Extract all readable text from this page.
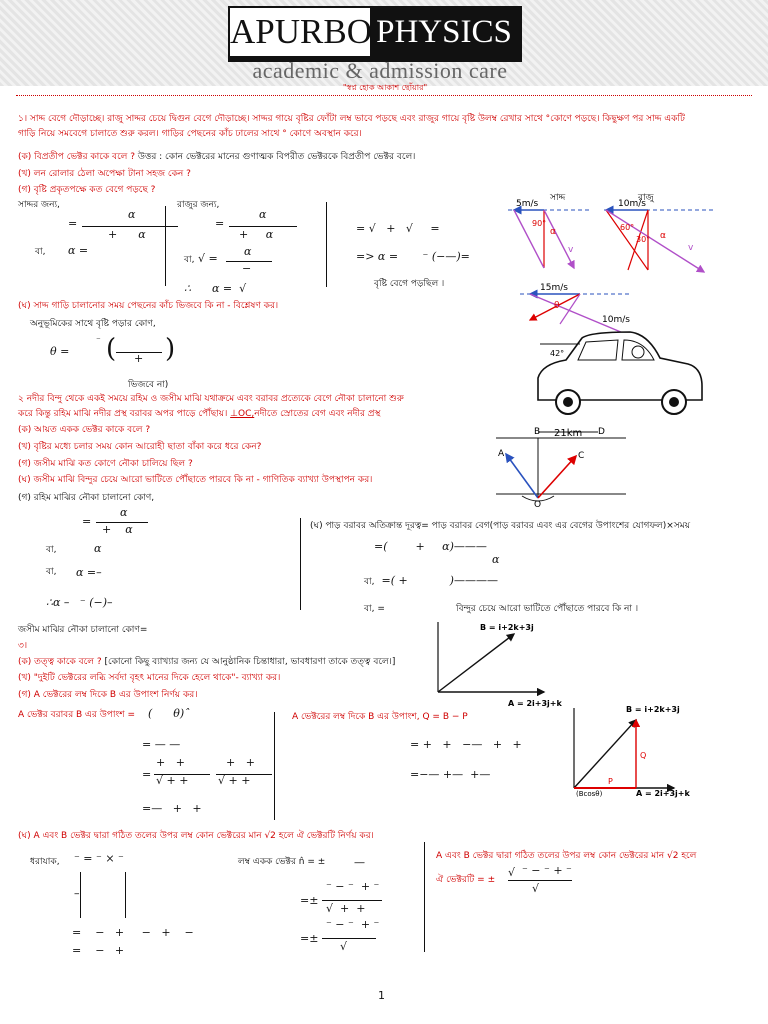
APURBO PHYSICS
academic & admission care
"স্বপ্ন হোক আকাশ ছোঁয়ার"
১। সাদ্দ বেগে দৌড়াচ্ছে। রাজু সাদ্দর চেয়ে দ্বিগুন বেগে দৌড়াচ্ছে। সাদ্দর গায়ে বৃষ্টির ফোঁটা লম্ব ভাবে পড়ছে এবং রাজুর গায়ে বৃষ্টি উলম্ব রেখার সাথে °কোণে পড়ছে। কিছুক্ষণ পর সাদ্দ একটি
গাড়ি নিয়ে সমবেগে চালাতে শুরু করল। গাড়ির পেছনের কাঁচ ঢালের সাথে ° কোণে অবস্থান করে।
(ক) বিপ্রতীপ ভেক্টর কাকে বলে ? উত্তর : কোন ভেক্টরের মানের গুণাত্মক বিপরীত ভেক্টরকে বিপ্রতীপ ভেক্টর বলে।
(খ) লন রোলার ঠেলা অপেক্ষা টানা সহজ কেন ?
(গ) বৃষ্টি প্রকৃতপক্ষে কত বেগে পড়ছে ?
সাদ্দর জন্য,	রাজুর জন্য,
=
α
+      α
বা, α =
=
α
+     α
বা, √ =
α
−
∴      α =  √
= √   +   √     =
=> α =       ⁻ (−—)=
বৃষ্টি বেগে পড়ছিল ।
(ঘ) সাদ্দ গাড়ি চালানোর সময় পেছনের কাঁচ ভিজবে কি না - বিশ্লেষণ কর।
অনুভূমিকের সাথে বৃষ্টি পড়ার কোণ,
θ =
⁻ ( )
+
ভিজবে না)
সাদ্দ	রাজু
5m/s
90°
α
v
10m/s
60°
30° α
v
15m/s
θ
10m/s
42°
২ নদীর বিন্দু থেকে একই সময়ে রহিম ও জসীম মাঝি যথাক্রমে এবং বরাবর প্রত্যেকে বেগে নৌকা চালানো শুরু
করে কিন্তু রহিম মাঝি নদীর প্রস্থ বরাবর অপর পাড়ে পৌঁছায়। ⊥OC,নদীতে স্রোতের বেগ এবং নদীর প্রস্থ
(ক) আয়ত একক ভেক্টর কাকে বলে ?
(খ) বৃষ্টির মধ্যে চলার সময় কোন আরোহী ছাতা বাঁকা করে ধরে কেন?
(গ) জসীম মাঝি কত কোণে নৌকা চালিয়ে ছিল ?
(ঘ) জসীম মাঝি বিন্দুর চেয়ে আরো ভাটিতে পৌঁছাতে পারবে কি না - গাণিতিক ব্যাখ্যা উপস্থাপন কর।
(গ) রহিম মাঝির নৌকা চালানো কোণ,
B	D
21km
A	C
O
=
α
+    α
বা,	α
বা, α =–
∴α –   ⁻ (−)–
(ঘ) পাড় বরাবর অতিক্রান্ত দূরত্ব= পাড় বরাবর বেগ(পাড় বরাবর এবং এর বেগের উপাংশের যোগফল)×সময়
=(        +     α)———
α
বা,  =( +            )————
বা, =	বিন্দুর চেয়ে আরো ভাটিতে পৌঁছাতে পারবে কি না ।
জসীম মাঝির নৌকা চালানো কোণ=
৩।
(ক) তত্ত্ব কাকে বলে ? [কোনো কিছু ব্যাখ্যার জন্য যে আনুষ্ঠানিক চিন্তাধারা, ভাবধারণা তাকে তত্ত্ব বলে।]
(খ) "দুইটি ভেক্টরের লব্ধি সর্বদা বৃহৎ মানের দিকে হেলে থাকে"- ব্যাখ্যা কর।
(গ) A ভেক্টরের লম্ব দিকে B এর উপাংশ নির্ণয় কর।
B = i+2k+3j
A = 2i+3j+k
A ভেক্টর বরাবর B এর উপাংশ = (      θ)ˆ
= — —
+   +
= √ + +
+   +
√ + +
=—   +   +
A ভেক্টরের লম্ব দিকে B এর উপাংশ, Q = B − P
= +   +   −—   +   +
=−— +—  +—
B = i+2k+3j
Q
P
(Bcosθ)	A = 2i+3j+k
(ঘ) A এবং B ভেক্টর দ্বারা গঠিত তলের উপর লম্ব কোন ভেক্টরের মান √2 হলে ঐ ভেক্টরটি নির্ণয় কর।
ধরাযাক, ⁻ = ⁻ × ⁻
–
=    −   +     −   +    −
=    −   +
লম্ব একক ভেক্টর n̂ = ±	—
⁻ − ⁻  + ⁻
=±
√  +  +
⁻ − ⁻  + ⁻
=±
√
A এবং B ভেক্টর দ্বারা গঠিত তলের উপর লম্ব কোন ভেক্টরের মান √2 হলে
ঐ ভেক্টরটি = ±
√ ⁻ − ⁻ + ⁻
√
1
